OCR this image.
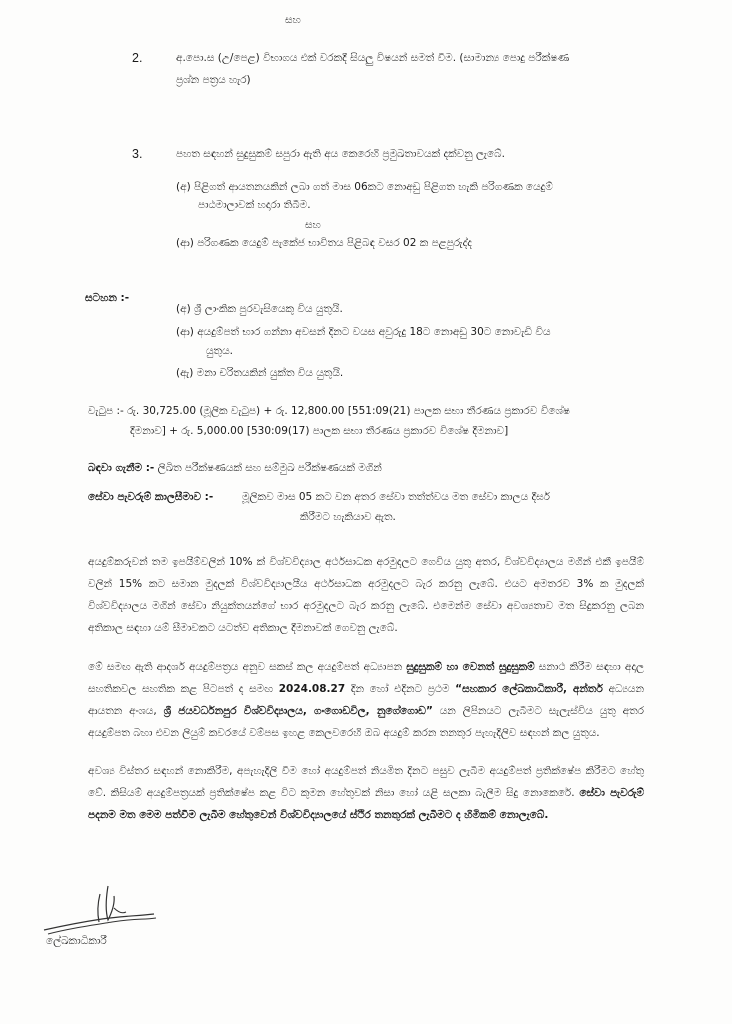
සහ
2.	අ.පො.ස (උ/පෙළ) විභාගය එක් වරකදී සියලු විෂයන් සමත් වීම. (සාමාන්‍ය පොදු පරීක්ෂණ
ප්‍රශ්න පත්‍රය හැර)
3.	පහත සඳහන් සුදුසුකම් සපුරා ඇති අය කෙරෙහි ප්‍රමුඛතාවයක් දක්වනු ලැබේ.
(අ) පිළිගත් ආයතනයකින් ලබා ගත් මාස 06කට නොඅඩු පිළිගත හැකි පරිගණක යෙදුම්
පාඨමාලාවක් හදාරා තිබීම.
සහ
(ආ) පරිගණක යෙදුම් පැකේජ භාවිතය පිළිබඳ වසර 02 ක පළපුරුද්ද
සටහන :-
(අ) ශ්‍රී ලාංකික පුරවැසියෙකු විය යුතුයි.
(ආ) අයදුම්පත් භාර ගන්නා අවසන් දිනට වයස අවුරුදු 18ට නොඅඩු 30ට නොවැඩි විය
යුතුය.
(ඇ) මනා චරිතයකින් යුක්ත විය යුතුයි.
වැටුප :- රු. 30,725.00 (මූලික වැටුප) + රු. 12,800.00 [551:09(21) පාලක සභා තීරණය ප්‍රකාරව විශේෂ
දීමනාව] + රු. 5,000.00 [530:09(17) පාලක සභා තීරණය ප්‍රකාරව විශේෂ දීමනාව]
බඳවා ගැනීම :- ලිඛිත පරීක්ෂණයක් සහ සම්මුඛ පරීක්ෂණයක් මගින්
සේවා පැවරුම් කාලසීමාව :-	මූලිකව මාස 05 කට වන අතර සේවා තත්ත්වය මත සේවා කාලය දීර්ඝ
කිරීමට හැකියාව ඇත.
අයදුම්කරුවන් තම ඉපයීම්වලින් 10% ක් විශ්වවිද්‍යාල අර්ථසාධක අරමුදලට ගෙවිය යුතු අතර, විශ්වවිද්‍යාලය මගින් එකී ඉපයීම් වලින් 15% කට සමාන මුදලක් විශ්වවිද්‍යාලයීය අර්ථසාධක අරමුදලට බැර කරනු ලැබේ. එයට අමතරව 3% ක මුදලක් විශ්වවිද්‍යාලය මගින් සේවා නියුක්තයන්ගේ භාර අරමුදලට බැර කරනු ලැබේ. එමෙන්ම සේවා අවශ්‍යතාව මත සිදුකරනු ලබන අතිකාල සඳහා යම් සීමාවකට යටත්ව අතිකාල දීමනාවක් ගෙවනු ලැබේ.
මේ සමඟ ඇති ආදර්ශ අයදුම්පත්‍රය අනුව සකස් කල අයදුම්පත් අධ්‍යාපන සුදුසුකම් හා වෙනත් සුදුසුකම් සනාථ කිරීම සඳහා අදාල සහතිකවල සහතික කළ පිටපත් ද සමඟ 2024.08.27 දින හෝ එදිනට ප්‍රථම “සහකාර ලේඛකාධිකාරී, අන්තර් අධ්‍යයන ආයතන අංශය, ශ්‍රී ජයවර්ධනපුර විශ්වවිද්‍යාලය, ගංගොඩවිල, නුගේගොඩ” යන ලිපිනයට ලැබීමට සැලැස්විය යුතු අතර අයදුම්පත බහා එවන ලියුම් කවරයේ වම්පස ඉහළ කෙලවරෙහි ඔබ අයදුම් කරන තනතුර පැහැදිලිව සඳහන් කල යුතුය.
අවශ්‍ය විස්තර සඳහන් නොකිරීම, අපැහැදිලි වීම හෝ අයදුම්පත් නියමිත දිනට පසුව ලැබීම අයදුම්පත් ප්‍රතික්ෂේප කිරීමට හේතු වේ. කිසියම් අයදුම්පත්‍රයක් ප්‍රතික්ෂේප කළ විට කුමන හේතුවක් නිසා හෝ යළි සලකා බැලීම සිදු නොකෙරේ. සේවා පැවරුම් පදනම මත මෙම පත්වීම ලැබීම හේතුවෙන් විශ්වවිද්‍යාලයේ ස්ථිර තනතුරක් ලැබීමට ද හිමිකම් නොලැබේ.
ලේඛකාධිකාරී
